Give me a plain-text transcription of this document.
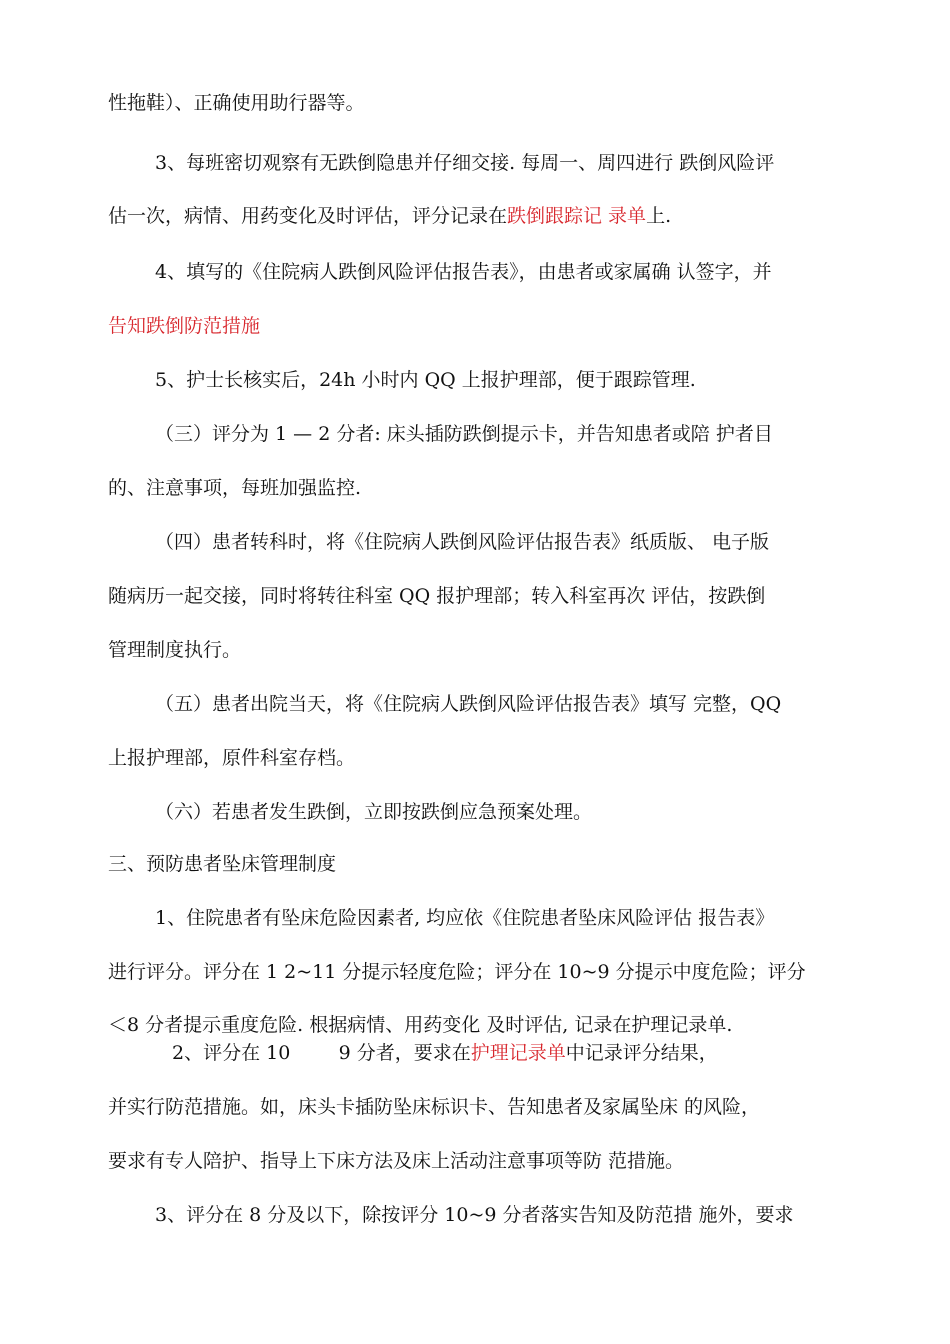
性拖鞋）、正确使用助行器等。
3、每班密切观察有无跌倒隐患并仔细交接. 每周一、周四进行 跌倒风险评
估一次，病情、用药变化及时评估，评分记录在跌倒跟踪记 录单上.
4、填写的《住院病人跌倒风险评估报告表》，由患者或家属确 认签字，并
告知跌倒防范措施
5、护士长核实后，24h 小时内 QQ 上报护理部，便于跟踪管理.
（三）评分为 1 — 2 分者: 床头插防跌倒提示卡，并告知患者或陪 护者目
的、注意事项，每班加强监控.
（四）患者转科时，将《住院病人跌倒风险评估报告表》纸质版、 电子版
随病历一起交接，同时将转往科室 QQ 报护理部；转入科室再次 评估，按跌倒
管理制度执行。
（五）患者出院当天，将《住院病人跌倒风险评估报告表》填写 完整，QQ
上报护理部，原件科室存档。
（六）若患者发生跌倒，立即按跌倒应急预案处理。
三、预防患者坠床管理制度
1、住院患者有坠床危险因素者, 均应依《住院患者坠床风险评估 报告表》
进行评分。评分在 1 2~11 分提示轻度危险；评分在 10~9 分提示中度危险；评分
＜8 分者提示重度危险. 根据病情、用药变化 及时评估, 记录在护理记录单.
2、评分在 10        9 分者，要求在护理记录单中记录评分结果，
并实行防范措施。如，床头卡插防坠床标识卡、告知患者及家属坠床 的风险，
要求有专人陪护、指导上下床方法及床上活动注意事项等防 范措施。
3、评分在 8 分及以下，除按评分 10~9 分者落实告知及防范措 施外，要求
